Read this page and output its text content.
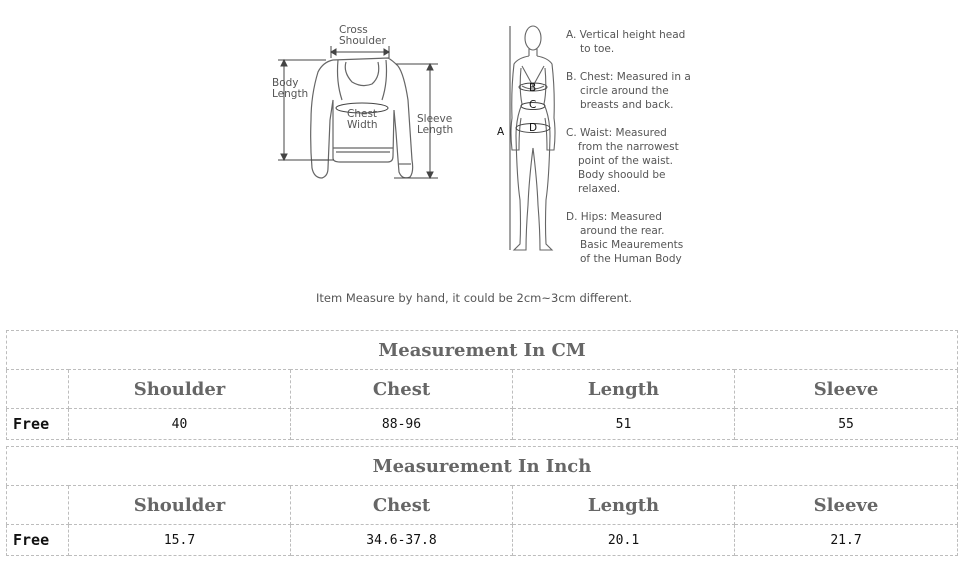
Cross
Shoulder
Body
Length
Chest
Width	Sleeve
Length
B
C
D
A
A. Vertical height head
to toe.
B. Chest: Measured in a
circle around the
breasts and back.
C. Waist: Measured
from the narrowest
point of the waist.
Body shoould be
relaxed.
D. Hips: Measured
around the rear.
Basic Meaurements
of the Human Body
Item Measure by hand, it could be 2cm~3cm different.
Measurement In CM				
	Shoulder	Chest	Length	Sleeve
Free	40	88-96	51	55
Measurement In Inch				
	Shoulder	Chest	Length	Sleeve
Free	15.7	34.6-37.8	20.1	21.7
